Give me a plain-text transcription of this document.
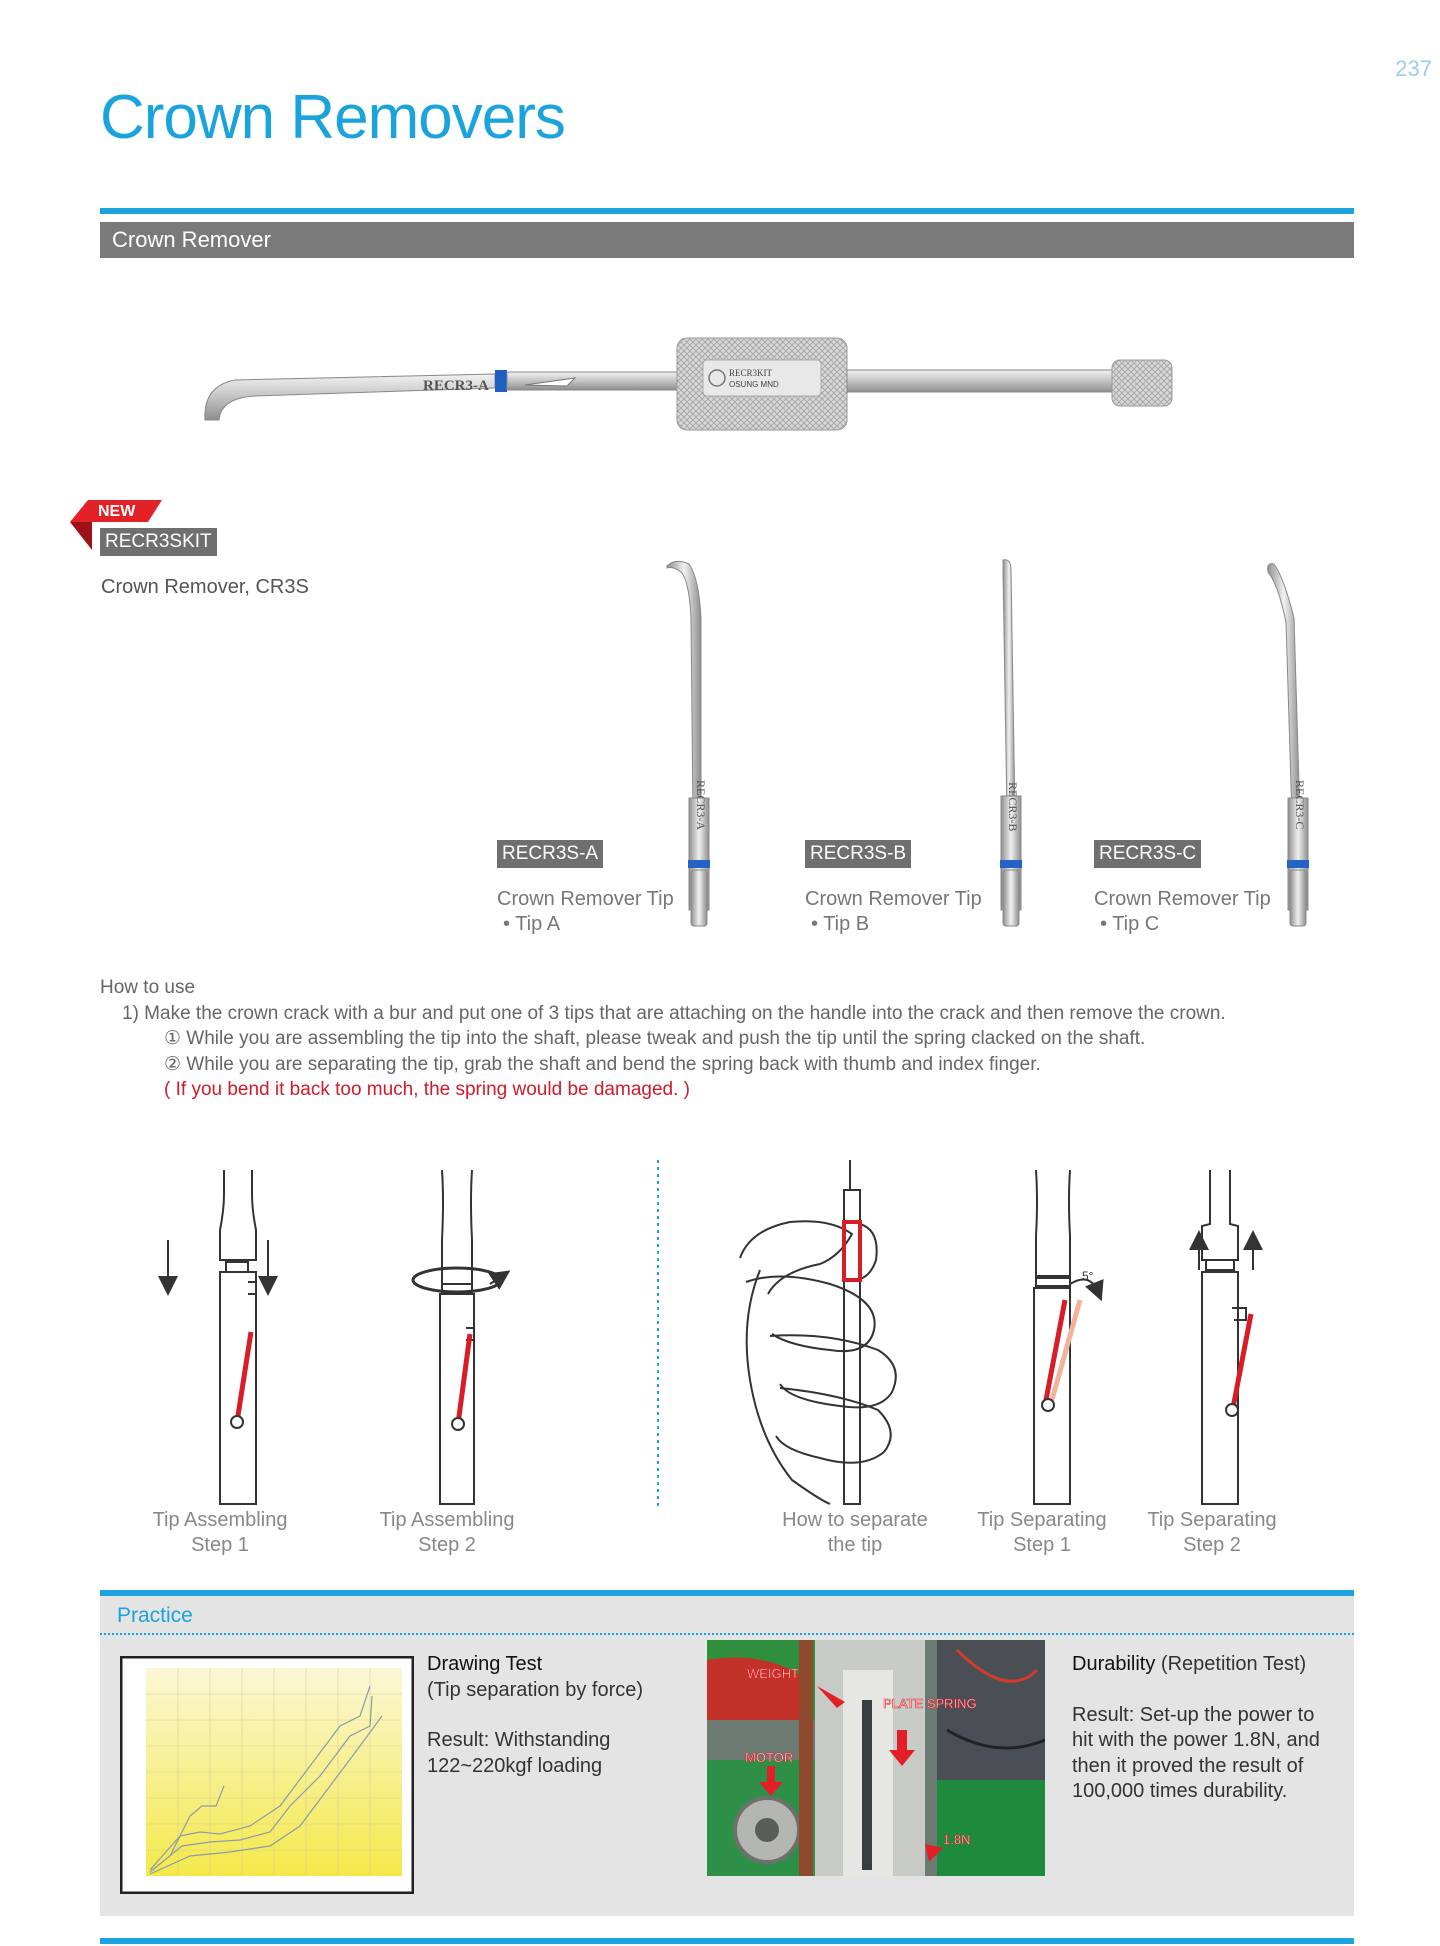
237
Crown Removers
Crown Remover
RECR3KIT
OSUNG MND
RECR3-A
NEW
RECR3SKIT
Crown Remover, CR3S
RECR3-A	RECR3-B	RECR3-C
RECR3S-A	RECR3S-B	RECR3S-C
Crown Remover Tip
• Tip A
Crown Remover Tip
• Tip B
Crown Remover Tip
• Tip C
How to use
1) Make the crown crack with a bur and put one of 3 tips that are attaching on the handle into the crack and then remove the crown.
① While you are assembling the tip into the shaft, please tweak and push the tip until the spring clacked on the shaft.
② While you are separating the tip, grab the shaft and bend the spring back with thumb and index finger.
( If you bend it back too much, the spring would be damaged. )
5°
Tip Assembling
Step 1
Tip Assembling
Step 2
How to separate
the tip
Tip Separating
Step 1
Tip Separating
Step 2
Practice
Drawing Test
(Tip separation by force)
Result: Withstanding
122~220kgf loading
WEIGHT
PLATE SPRING
MOTOR
1.8N
Durability (Repetition Test)
Result: Set-up the power to
hit with the power 1.8N, and
then it proved the result of
100,000 times durability.
